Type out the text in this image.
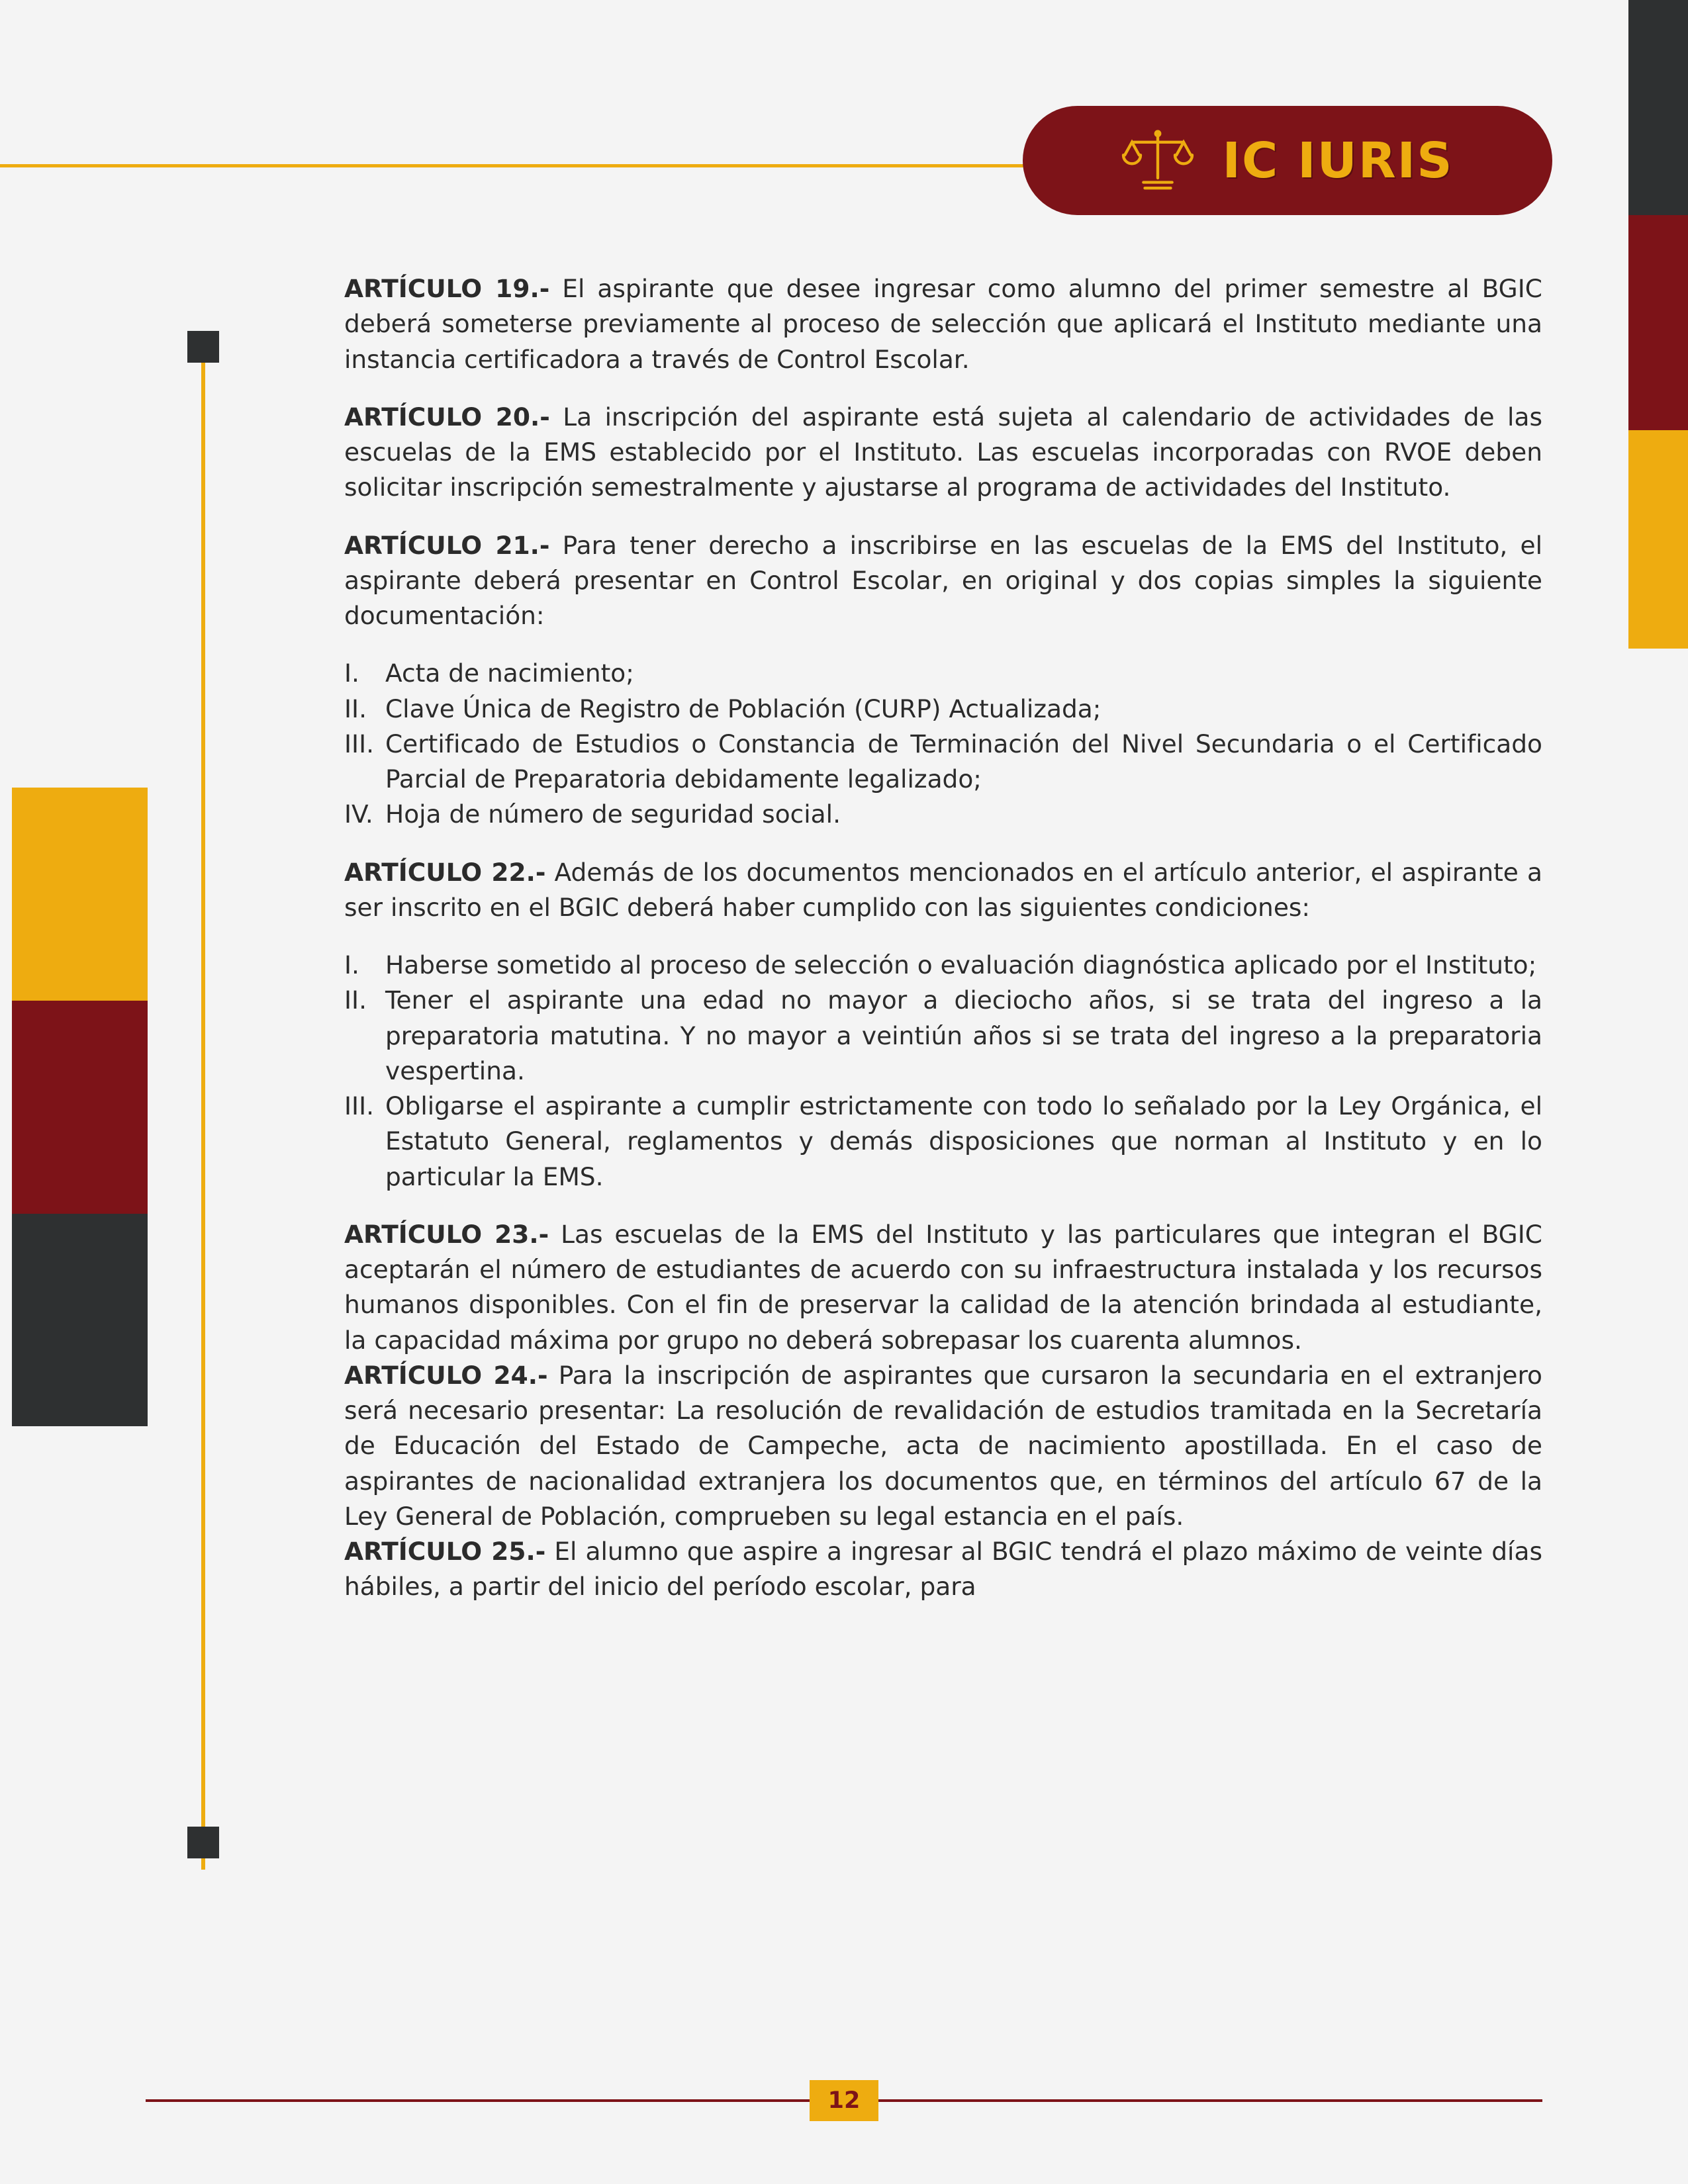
IC IURIS

ARTÍCULO 19.- El aspirante que desee ingresar como alumno del primer semestre al BGIC deberá someterse previamente al proceso de selección que aplicará el Instituto mediante una instancia certificadora a través de Control Escolar.

ARTÍCULO 20.- La inscripción del aspirante está sujeta al calendario de actividades de las escuelas de la EMS establecido por el Instituto. Las escuelas incorporadas con RVOE deben solicitar inscripción semestralmente y ajustarse al programa de actividades del Instituto.

ARTÍCULO 21.- Para tener derecho a inscribirse en las escuelas de la EMS del Instituto, el aspirante deberá presentar en Control Escolar, en original y dos copias simples la siguiente documentación:

I.	Acta de nacimiento;
II. Clave Única de Registro de Población (CURP) Actualizada;
III. Certificado de Estudios o Constancia de Terminación del Nivel Secundaria o el Certificado Parcial de Preparatoria debidamente legalizado;
IV. Hoja de número de seguridad social.

ARTÍCULO 22.- Además de los documentos mencionados en el artículo anterior, el aspirante a ser inscrito en el BGIC deberá haber cumplido con las siguientes condiciones:

I.	Haberse sometido al proceso de selección o evaluación diagnóstica aplicado por el Instituto;
II. Tener el aspirante una edad no mayor a dieciocho años, si se trata del ingreso a la preparatoria matutina. Y no mayor a veintiún años si se trata del ingreso a la preparatoria vespertina.
III. Obligarse el aspirante a cumplir estrictamente con todo lo señalado por la Ley Orgánica, el Estatuto General, reglamentos y demás disposiciones que norman al Instituto y en lo particular la EMS.

ARTÍCULO 23.- Las escuelas de la EMS del Instituto y las particulares que integran el BGIC aceptarán el número de estudiantes de acuerdo con su infraestructura instalada y los recursos humanos disponibles. Con el fin de preservar la calidad de la atención brindada al estudiante, la capacidad máxima por grupo no deberá sobrepasar los cuarenta alumnos.

ARTÍCULO 24.- Para la inscripción de aspirantes que cursaron la secundaria en el extranjero será necesario presentar: La resolución de revalidación de estudios tramitada en la Secretaría de Educación del Estado de Campeche, acta de nacimiento apostillada. En el caso de aspirantes de nacionalidad extranjera los documentos que, en términos del artículo 67 de la Ley General de Población, comprueben su legal estancia en el país.

ARTÍCULO 25.- El alumno que aspire a ingresar al BGIC tendrá el plazo máximo de veinte días hábiles, a partir del inicio del período escolar, para

12
